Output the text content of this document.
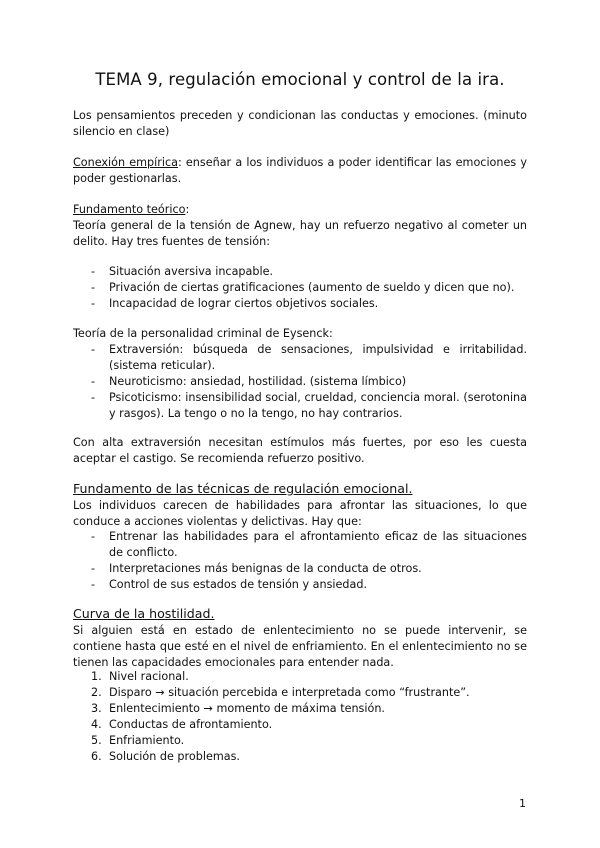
TEMA 9, regulación emocional y control de la ira.

Los pensamientos preceden y condicionan las conductas y emociones. (minuto silencio en clase)

Conexión empírica: enseñar a los individuos a poder identificar las emociones y poder gestionarlas.

Fundamento teórico:

Teoría general de la tensión de Agnew, hay un refuerzo negativo al cometer un delito. Hay tres fuentes de tensión:

- Situación aversiva incapable.
- Privación de ciertas gratificaciones (aumento de sueldo y dicen que no).
- Incapacidad de lograr ciertos objetivos sociales.

Teoría de la personalidad criminal de Eysenck:

- Extraversión: búsqueda de sensaciones, impulsividad e irritabilidad. (sistema reticular).
- Neuroticismo: ansiedad, hostilidad. (sistema límbico)
- Psicoticismo: insensibilidad social, crueldad, conciencia moral. (serotonina y rasgos). La tengo o no la tengo, no hay contrarios.

Con alta extraversión necesitan estímulos más fuertes, por eso les cuesta aceptar el castigo. Se recomienda refuerzo positivo.

Fundamento de las técnicas de regulación emocional.

Los individuos carecen de habilidades para afrontar las situaciones, lo que conduce a acciones violentas y delictivas. Hay que:

- Entrenar las habilidades para el afrontamiento eficaz de las situaciones de conflicto.
- Interpretaciones más benignas de la conducta de otros.
- Control de sus estados de tensión y ansiedad.
Curva de la hostilidad.

Si alguien está en estado de enlentecimiento no se puede intervenir, se contiene hasta que esté en el nivel de enfriamiento. En el enlentecimiento no se tienen las capacidades emocionales para entender nada.

1. Nivel racional.
2. Disparo → situación percebida e interpretada como “frustrante”.
3. Enlentecimiento → momento de máxima tensión.
4. Conductas de afrontamiento.
5. Enfriamiento.
6. Solución de problemas.
1
